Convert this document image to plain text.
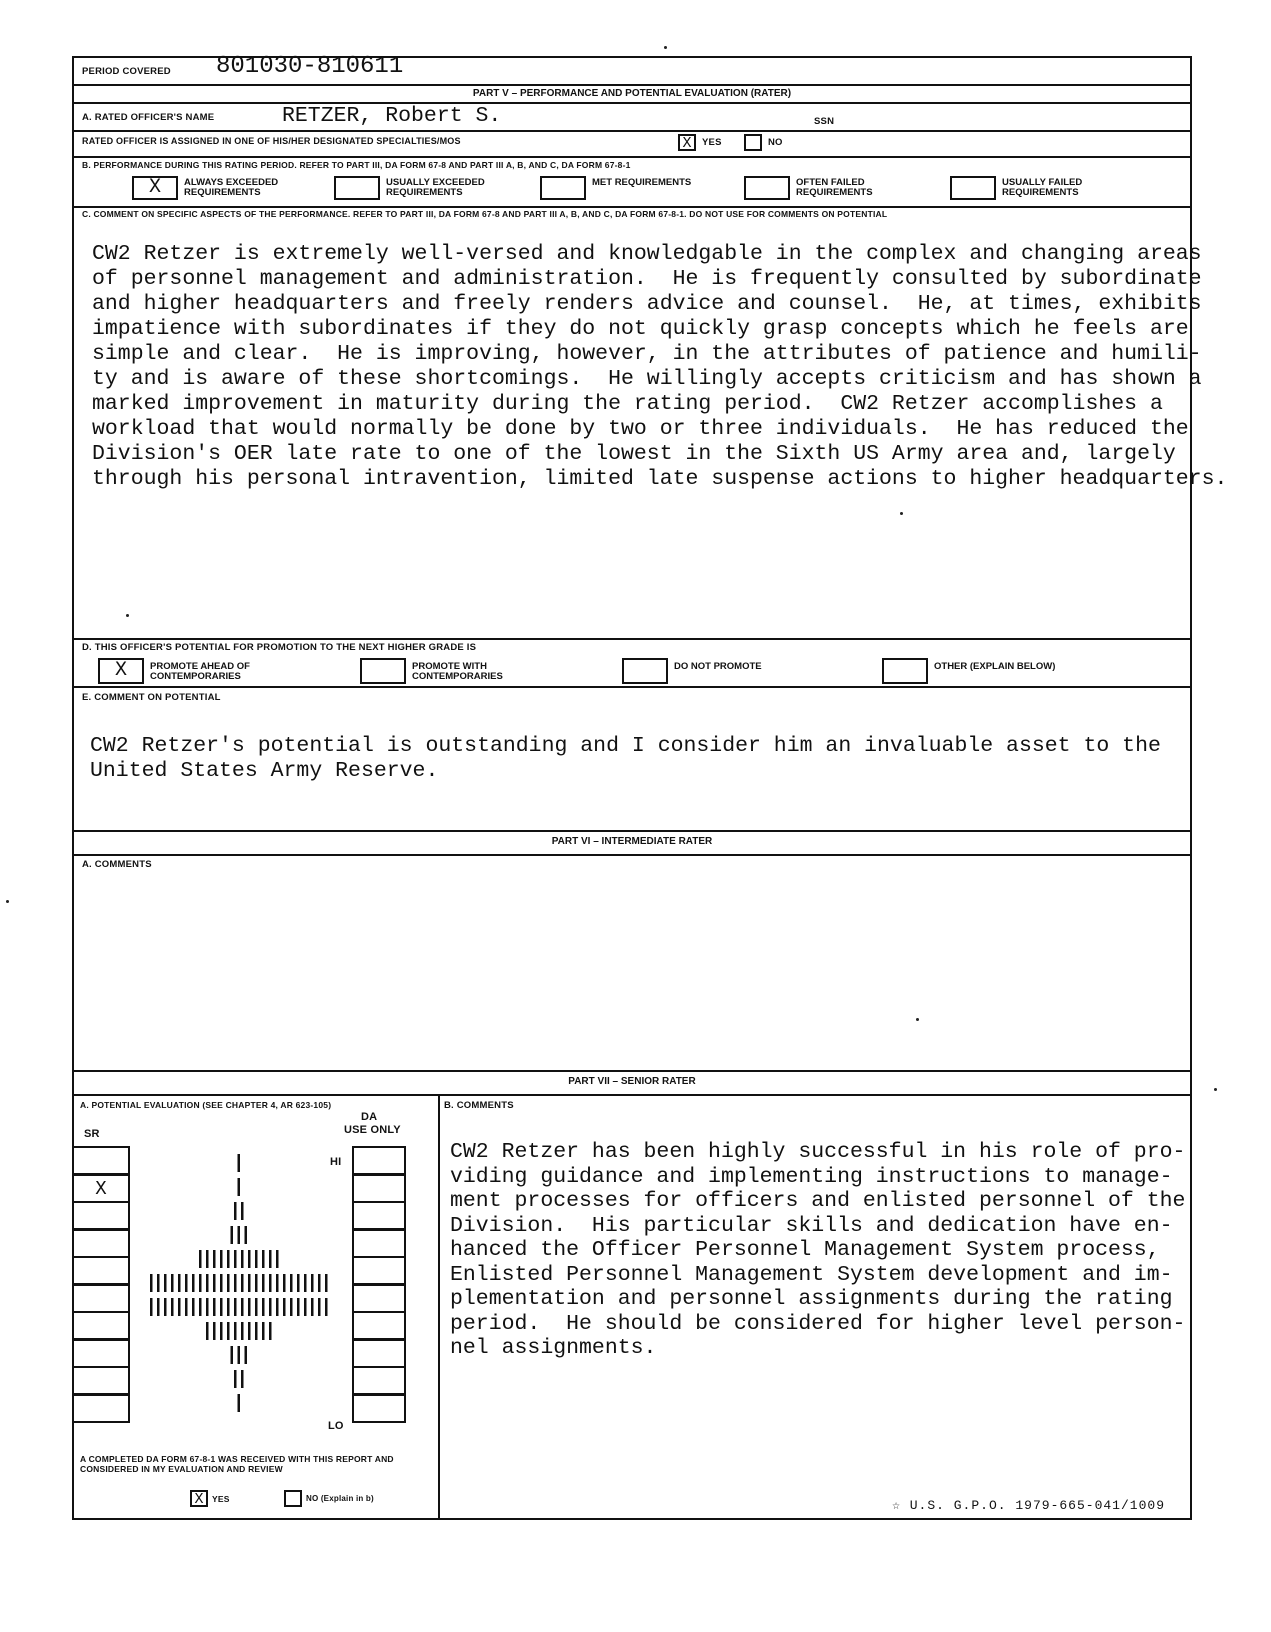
PERIOD COVERED 801030-810611
PART V – PERFORMANCE AND POTENTIAL EVALUATION (RATER)
A. RATED OFFICER'S NAME	RETZER, Robert S.	SSN
RATED OFFICER IS ASSIGNED IN ONE OF HIS/HER DESIGNATED SPECIALTIES/MOS	X	YES	NO
B. PERFORMANCE DURING THIS RATING PERIOD. REFER TO PART III, DA FORM 67-8 AND PART III A, B, AND C, DA FORM 67-8-1
X	ALWAYS EXCEEDED
REQUIREMENTS
USUALLY EXCEEDED
REQUIREMENTS
MET REQUIREMENTS	OFTEN FAILED
REQUIREMENTS
USUALLY FAILED
REQUIREMENTS
C. COMMENT ON SPECIFIC ASPECTS OF THE PERFORMANCE. REFER TO PART III, DA FORM 67-8 AND PART III A, B, AND C, DA FORM 67-8-1. DO NOT USE FOR COMMENTS ON POTENTIAL
CW2 Retzer is extremely well-versed and knowledgable in the complex and changing areas
of personnel management and administration.  He is frequently consulted by subordinate
and higher headquarters and freely renders advice and counsel.  He, at times, exhibits
impatience with subordinates if they do not quickly grasp concepts which he feels are
simple and clear.  He is improving, however, in the attributes of patience and humili-
ty and is aware of these shortcomings.  He willingly accepts criticism and has shown a
marked improvement in maturity during the rating period.  CW2 Retzer accomplishes a
workload that would normally be done by two or three individuals.  He has reduced the
Division's OER late rate to one of the lowest in the Sixth US Army area and, largely
through his personal intravention, limited late suspense actions to higher headquarters.
D. THIS OFFICER'S POTENTIAL FOR PROMOTION TO THE NEXT HIGHER GRADE IS
X	PROMOTE AHEAD OF
CONTEMPORARIES
PROMOTE WITH
CONTEMPORARIES
DO NOT PROMOTE	OTHER (EXPLAIN BELOW)
E. COMMENT ON POTENTIAL
CW2 Retzer's potential is outstanding and I consider him an invaluable asset to the
United States Army Reserve.
PART VI – INTERMEDIATE RATER
A. COMMENTS
PART VII – SENIOR RATER
A. POTENTIAL EVALUATION (SEE CHAPTER 4, AR 623-105)
SR
DA
USE ONLY
HI
LO
X
A COMPLETED DA FORM 67-8-1 WAS RECEIVED WITH THIS REPORT AND CONSIDERED IN MY EVALUATION AND REVIEW
X	YES	NO (Explain in b)
B. COMMENTS
CW2 Retzer has been highly successful in his role of pro-
viding guidance and implementing instructions to manage-
ment processes for officers and enlisted personnel of the
Division.  His particular skills and dedication have en-
hanced the Officer Personnel Management System process,
Enlisted Personnel Management System development and im-
plementation and personnel assignments during the rating
period.  He should be considered for higher level person-
nel assignments.
☆ U.S. G.P.O. 1979-665-041/1009
